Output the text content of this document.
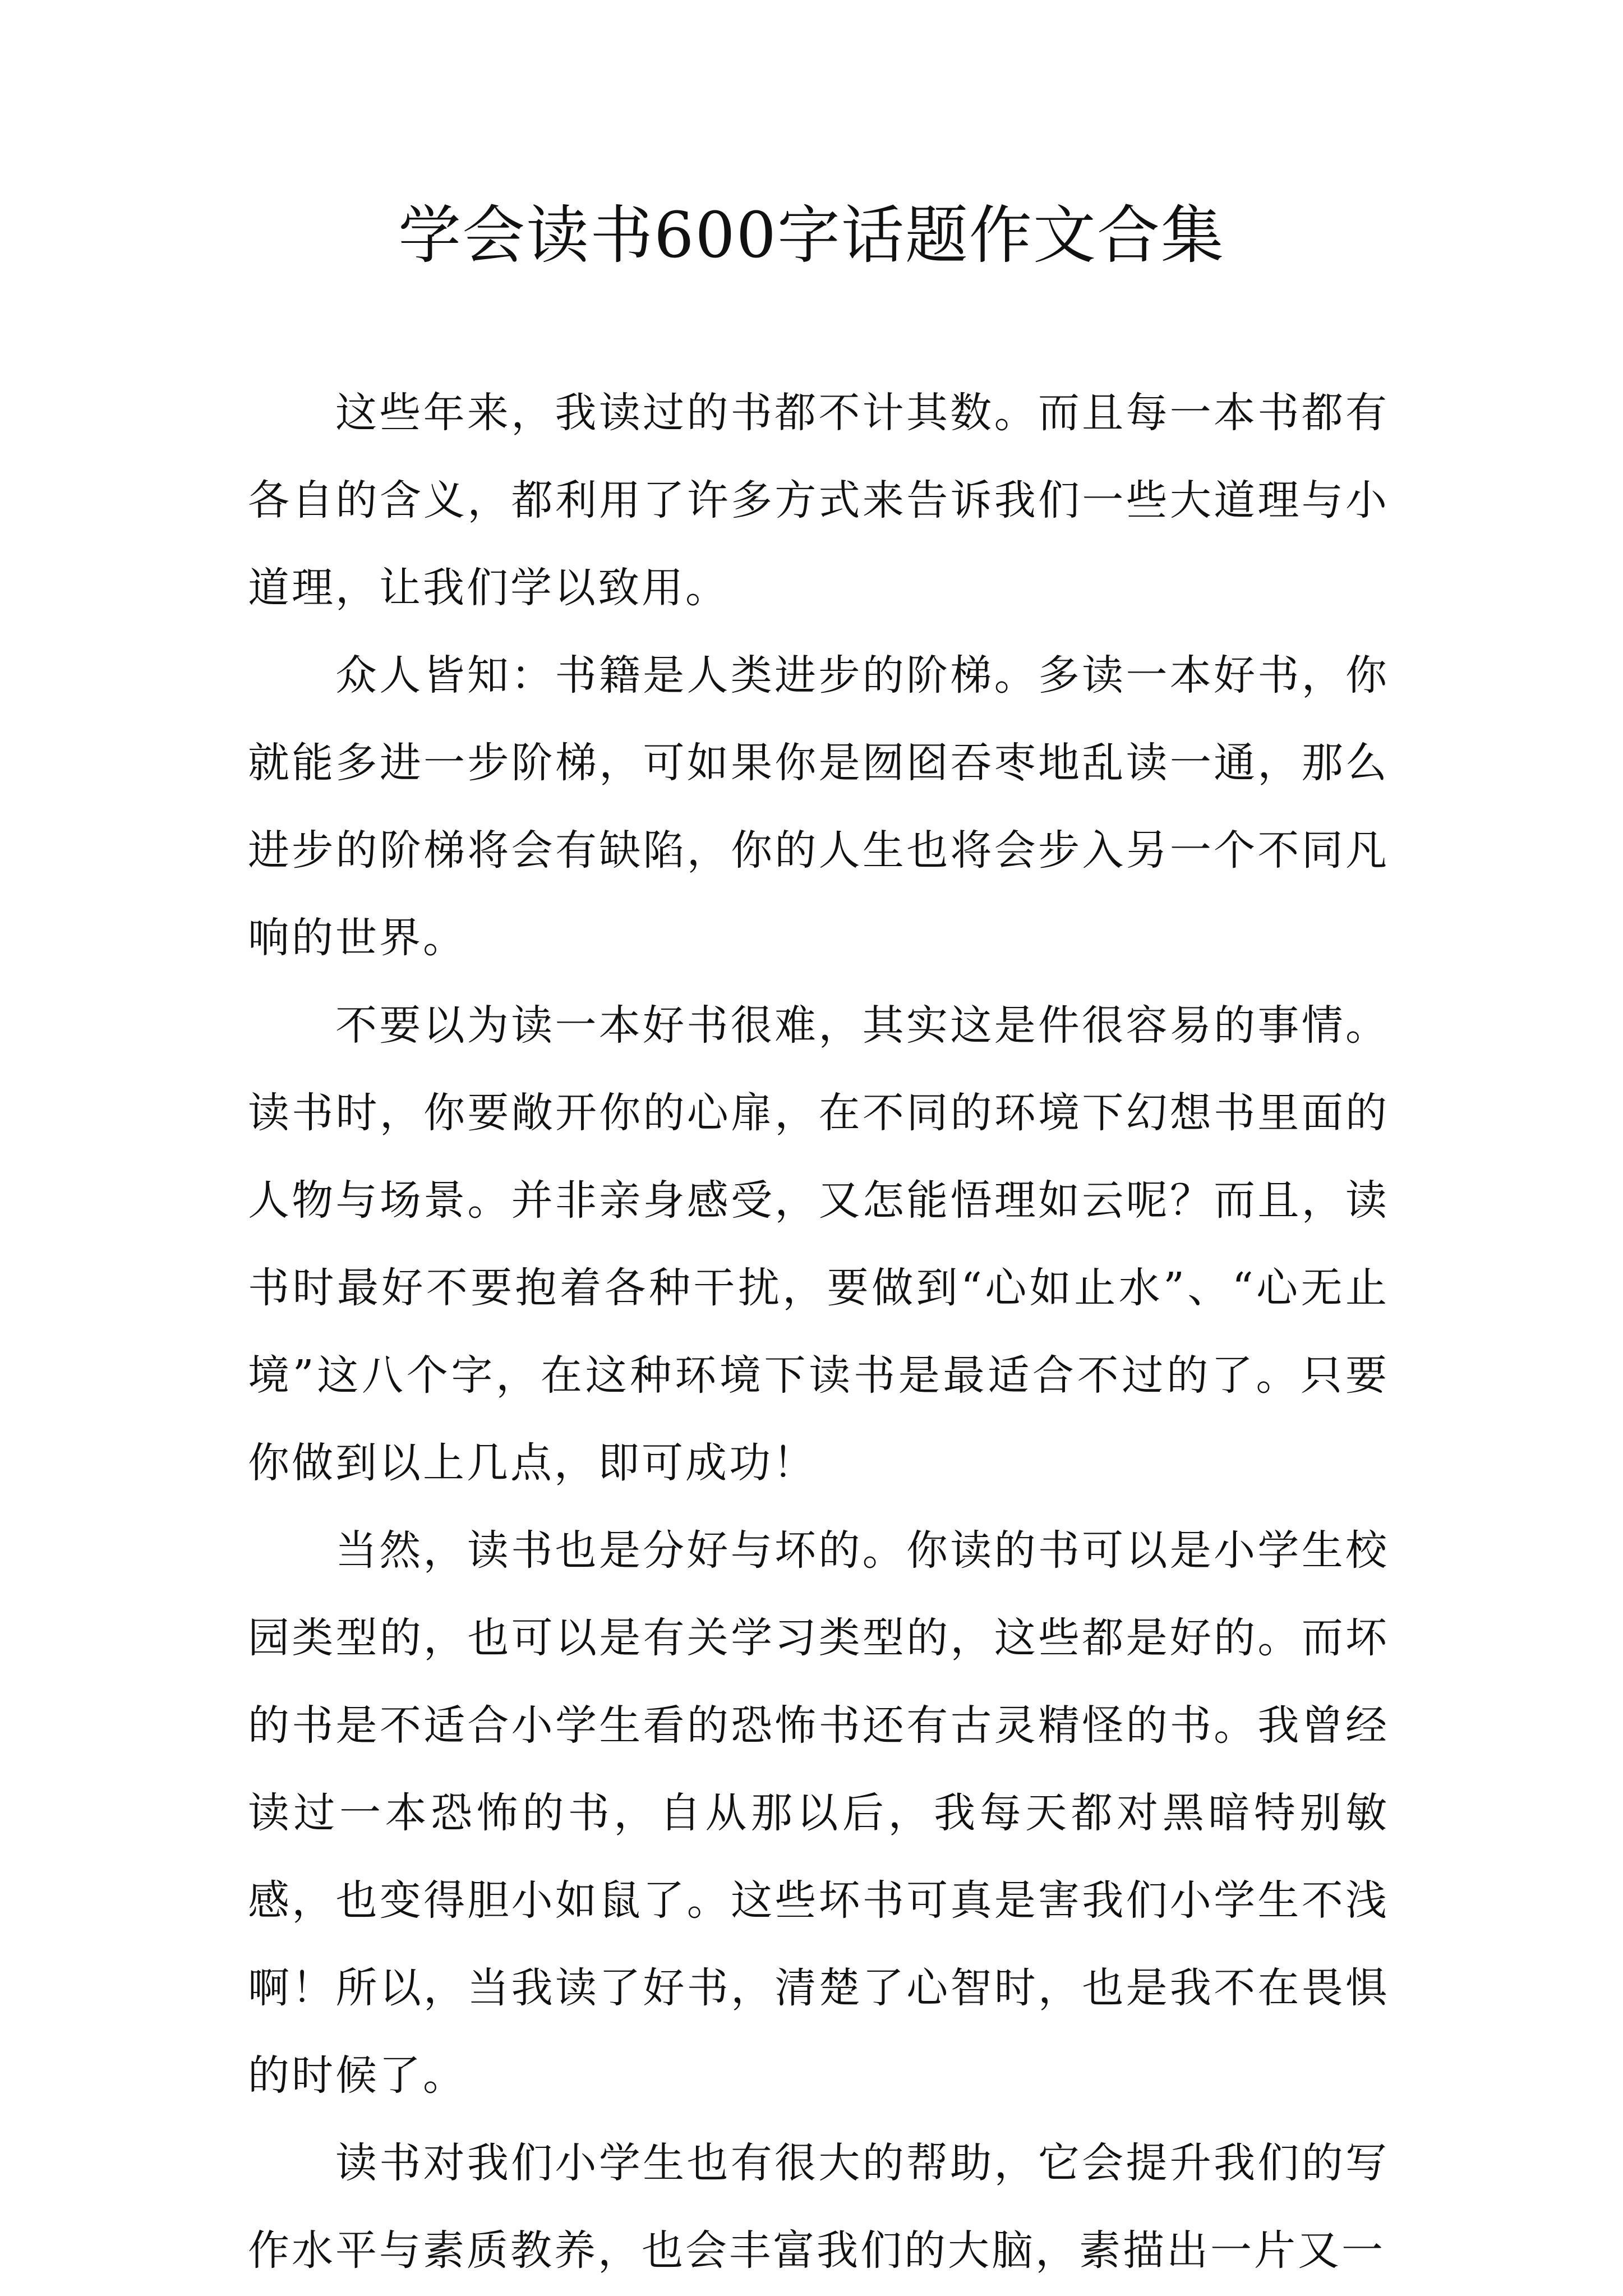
学会读书600字话题作文合集

这些年来，我读过的书都不计其数。而且每一本书都有各自的含义，都利用了许多方式来告诉我们一些大道理与小道理，让我们学以致用。

众人皆知：书籍是人类进步的阶梯。多读一本好书，你就能多进一步阶梯，可如果你是囫囵吞枣地乱读一通，那么进步的阶梯将会有缺陷，你的人生也将会步入另一个不同凡响的世界。

不要以为读一本好书很难，其实这是件很容易的事情。读书时，你要敞开你的心扉，在不同的环境下幻想书里面的人物与场景。并非亲身感受，又怎能悟理如云呢？而且，读书时最好不要抱着各种干扰，要做到“心如止水”、“心无止境”这八个字，在这种环境下读书是最适合不过的了。只要你做到以上几点，即可成功！

当然，读书也是分好与坏的。你读的书可以是小学生校园类型的，也可以是有关学习类型的，这些都是好的。而坏的书是不适合小学生看的恐怖书还有古灵精怪的书。我曾经读过一本恐怖的书，自从那以后，我每天都对黑暗特别敏感，也变得胆小如鼠了。这些坏书可真是害我们小学生不浅啊！所以，当我读了好书，清楚了心智时，也是我不在畏惧的时候了。

读书对我们小学生也有很大的帮助，它会提升我们的写作水平与素质教养，也会丰富我们的大脑，素描出一片又一
